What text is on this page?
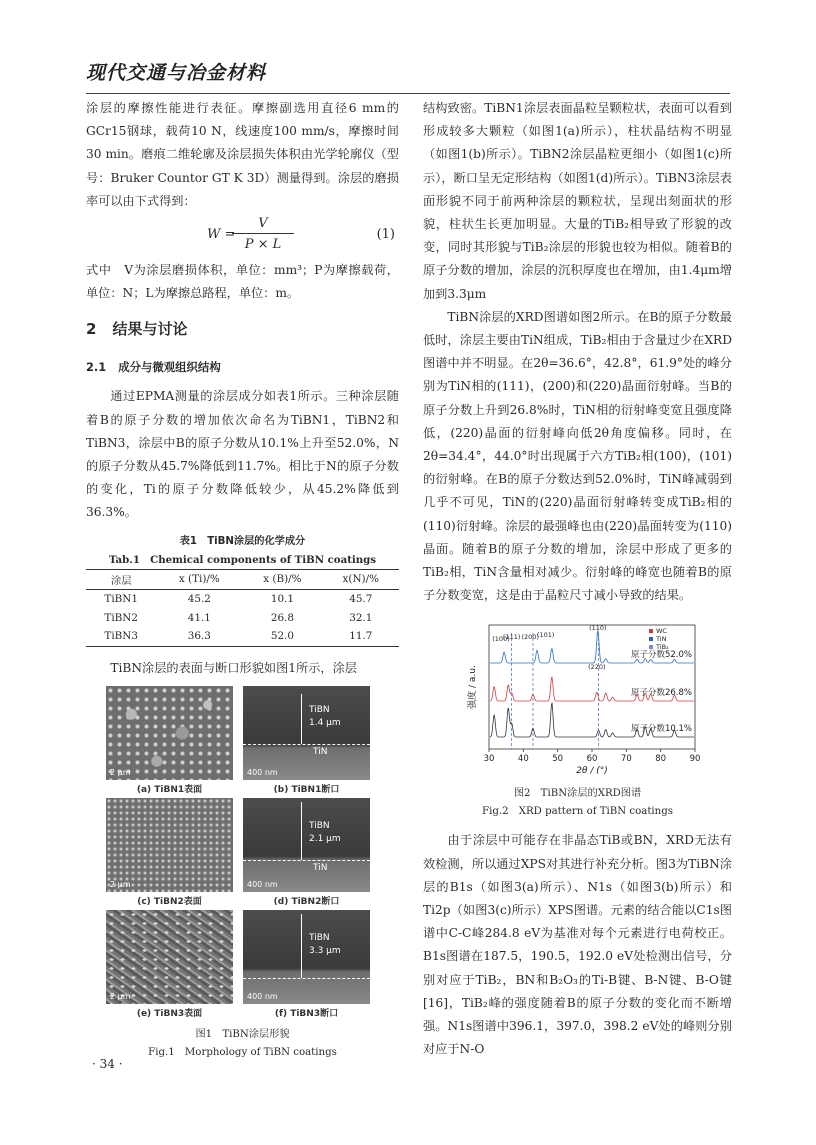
现代交通与冶金材料

涂层的摩擦性能进行表征。摩擦副选用直径6 mm的GCr15钢球，载荷10 N，线速度100 mm/s，摩擦时间30 min。磨痕二维轮廓及涂层损失体积由光学轮廓仪（型号：Bruker Countor GT K 3D）测量得到。涂层的磨损率可以由下式得到：

W =
$\frac{V}{P \times L}$	(1)

式中　V为涂层磨损体积，单位：mm³；P为摩擦载荷，单位：N；L为摩擦总路程，单位：m。

2 结果与讨论
2.1 成分与微观组织结构

通过EPMA测量的涂层成分如表1所示。三种涂层随着B的原子分数的增加依次命名为TiBN1，TiBN2和TiBN3，涂层中B的原子分数从10.1%上升至52.0%，N的原子分数从45.7%降低到11.7%。相比于N的原子分数的变化，Ti的原子分数降低较少，从45.2%降低到36.3%。

表1　TiBN涂层的化学成分
Tab.1　Chemical components of TiBN coatings
涂层	x (Ti)/%	x (B)/%	x(N)/%
TiBN1	45.2	10.1	45.7
TiBN2	41.1	26.8	32.1
TiBN3	36.3	52.0	11.7

TiBN涂层的表面与断口形貌如图1所示，涂层

2 μm
TiBN
1.4 μm
TiN
400 nm
(a) TiBN1表面	(b) TiBN1断口
2 μm
TiBN
2.1 μm
TiN
400 nm
(c) TiBN2表面	(d) TiBN2断口
2 μm
TiBN
3.3 μm
400 nm
(e) TiBN3表面	(f) TiBN3断口
图1　TiBN涂层形貌
Fig.1　Morphology of TiBN coatings

结构致密。TiBN1涂层表面晶粒呈颗粒状，表面可以看到形成较多大颗粒（如图1(a)所示），柱状晶结构不明显（如图1(b)所示）。TiBN2涂层晶粒更细小（如图1(c)所示），断口呈无定形结构（如图1(d)所示）。TiBN3涂层表面形貌不同于前两种涂层的颗粒状，呈现出刻面状的形貌，柱状生长更加明显。大量的TiB₂相导致了形貌的改变，同时其形貌与TiB₂涂层的形貌也较为相似。随着B的原子分数的增加，涂层的沉积厚度也在增加，由1.4μm增加到3.3μm

TiBN涂层的XRD图谱如图2所示。在B的原子分数最低时，涂层主要由TiN组成，TiB₂相由于含量过少在XRD图谱中并不明显。在2θ=36.6°，42.8°，61.9°处的峰分别为TiN相的(111)，(200)和(220)晶面衍射峰。当B的原子分数上升到26.8%时，TiN相的衍射峰变宽且强度降低，(220)晶面的衍射峰向低2θ角度偏移。同时，在2θ=34.4°，44.0°时出现属于六方TiB₂相(100)，(101)的衍射峰。在B的原子分数达到52.0%时，TiN峰减弱到几乎不可见，TiN的(220)晶面衍射峰转变成TiB₂相的(110)衍射峰。涂层的最强峰也由(220)晶面转变为(110)晶面。随着B的原子分数的增加，涂层中形成了更多的TiB₂相，TiN含量相对减少。衍射峰的峰宽也随着B的原子分数变宽，这是由于晶粒尺寸减小导致的结果。

原子分数52.0%
原子分数26.8%
原子分数10.1%
30	40	50	60	70	80	90
2θ / (°)
强度 / a.u.
(100)
(111) (200)
(101)
(110)
(220)
WC
TiN
TiB₂
图2　TiBN涂层的XRD图谱
Fig.2　XRD pattern of TiBN coatings

由于涂层中可能存在非晶态TiB或BN，XRD无法有效检测，所以通过XPS对其进行补充分析。图3为TiBN涂层的B1s（如图3(a)所示）、N1s（如图3(b)所示）和Ti2p（如图3(c)所示）XPS图谱。元素的结合能以C1s图谱中C-C峰284.8 eV为基准对每个元素进行电荷校正。B1s图谱在187.5，190.5，192.0 eV处检测出信号，分别对应于TiB₂，BN和B₂O₃的Ti-B键、B-N键、B-O键[16]，TiB₂峰的强度随着B的原子分数的变化而不断增强。N1s图谱中396.1，397.0，398.2 eV处的峰则分别对应于N-O

· 34 ·
